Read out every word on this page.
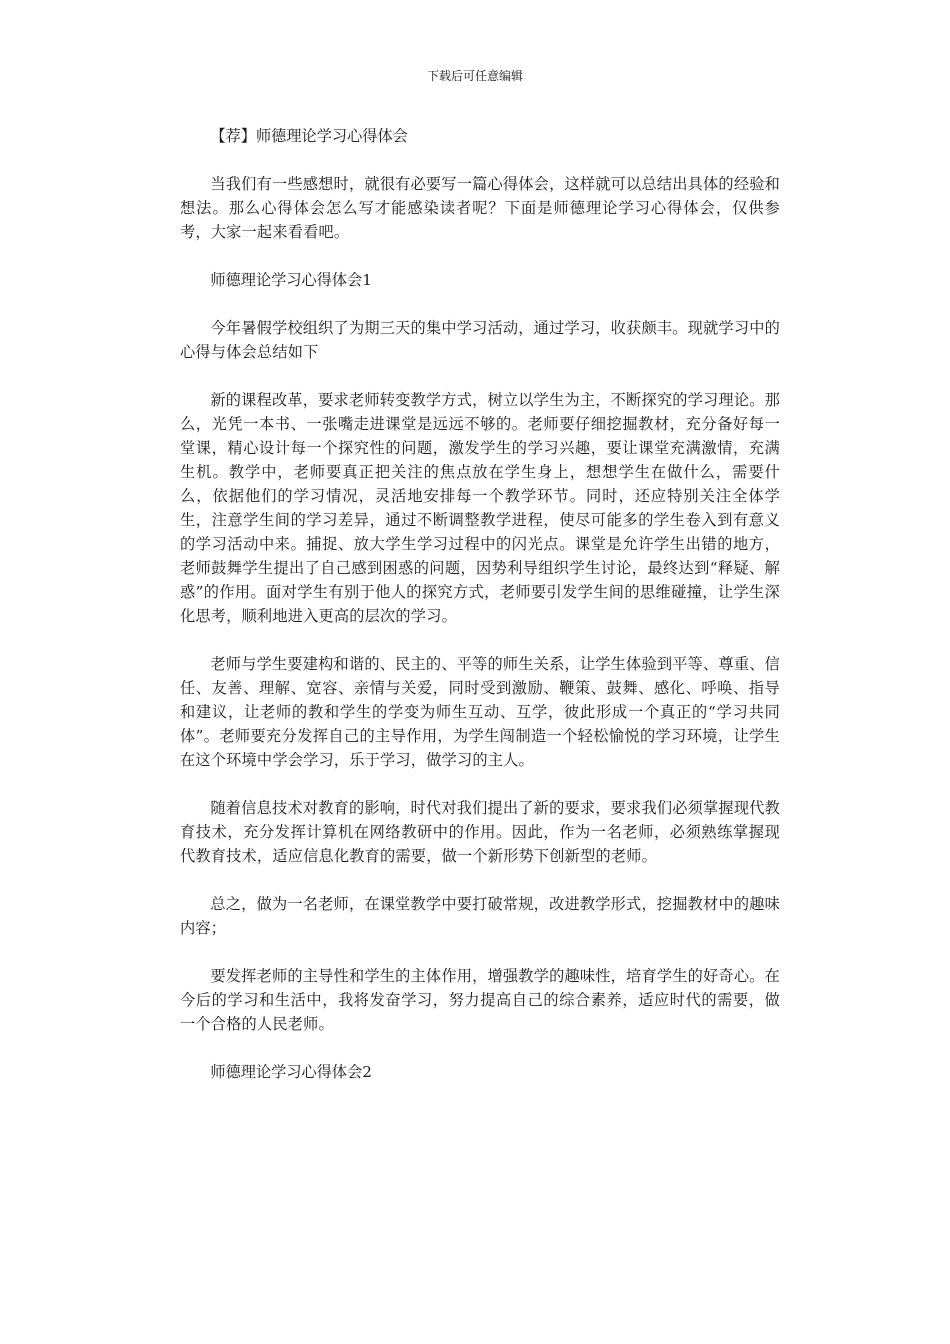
下载后可任意编辑

【荐】师德理论学习心得体会

当我们有一些感想时，就很有必要写一篇心得体会，这样就可以总结出具体的经验和想法。那么心得体会怎么写才能感染读者呢？下面是师德理论学习心得体会，仅供参考，大家一起来看看吧。

师德理论学习心得体会1

今年暑假学校组织了为期三天的集中学习活动，通过学习，收获颇丰。现就学习中的心得与体会总结如下

新的课程改革，要求老师转变教学方式，树立以学生为主，不断探究的学习理论。那么，光凭一本书、一张嘴走进课堂是远远不够的。老师要仔细挖掘教材，充分备好每一堂课，精心设计每一个探究性的问题，激发学生的学习兴趣，要让课堂充满激情，充满生机。教学中，老师要真正把关注的焦点放在学生身上，想想学生在做什么，需要什么，依据他们的学习情况，灵活地安排每一个教学环节。同时，还应特别关注全体学生，注意学生间的学习差异，通过不断调整教学进程，使尽可能多的学生卷入到有意义的学习活动中来。捕捉、放大学生学习过程中的闪光点。课堂是允许学生出错的地方，老师鼓舞学生提出了自己感到困惑的问题，因势利导组织学生讨论，最终达到“释疑、解惑”的作用。面对学生有别于他人的探究方式，老师要引发学生间的思维碰撞，让学生深化思考，顺利地进入更高的层次的学习。

老师与学生要建构和谐的、民主的、平等的师生关系，让学生体验到平等、尊重、信任、友善、理解、宽容、亲情与关爱，同时受到激励、鞭策、鼓舞、感化、呼唤、指导和建议，让老师的教和学生的学变为师生互动、互学，彼此形成一个真正的“学习共同体”。老师要充分发挥自己的主导作用，为学生闯制造一个轻松愉悦的学习环境，让学生在这个环境中学会学习，乐于学习，做学习的主人。

随着信息技术对教育的影响，时代对我们提出了新的要求，要求我们必须掌握现代教育技术，充分发挥计算机在网络教研中的作用。因此，作为一名老师，必须熟练掌握现代教育技术，适应信息化教育的需要，做一个新形势下创新型的老师。

总之，做为一名老师，在课堂教学中要打破常规，改进教学形式，挖掘教材中的趣味内容；

要发挥老师的主导性和学生的主体作用，增强教学的趣味性，培育学生的好奇心。在今后的学习和生活中，我将发奋学习，努力提高自己的综合素养，适应时代的需要，做一个合格的人民老师。

师德理论学习心得体会2
